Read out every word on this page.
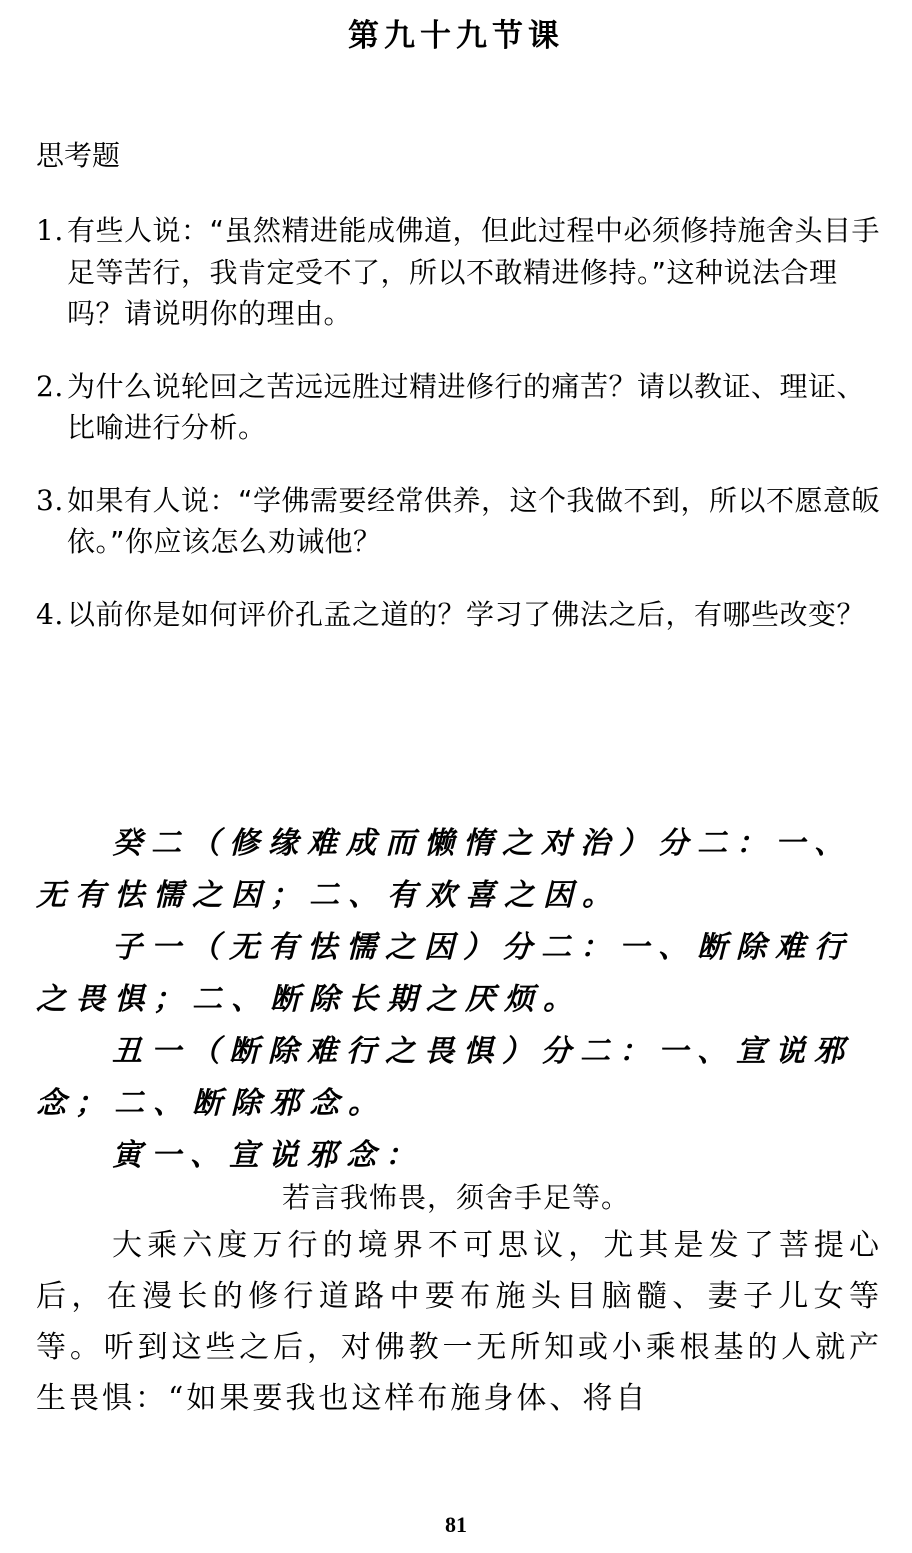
第九十九节课
思考题
1. 有些人说：“虽然精进能成佛道，但此过程中必须修持施舍头目手足等苦行，我肯定受不了，所以不敢精进修持。”这种说法合理吗？请说明你的理由。
2. 为什么说轮回之苦远远胜过精进修行的痛苦？请以教证、理证、比喻进行分析。
3. 如果有人说：“学佛需要经常供养，这个我做不到，所以不愿意皈依。”你应该怎么劝诫他？
4. 以前你是如何评价孔孟之道的？学习了佛法之后，有哪些改变？
癸二（修缘难成而懒惰之对治）分二：一、无有怯懦之因；二、有欢喜之因。
子一（无有怯懦之因）分二：一、断除难行之畏惧；二、断除长期之厌烦。
丑一（断除难行之畏惧）分二：一、宣说邪念；二、断除邪念。
寅一、宣说邪念：
若言我怖畏，须舍手足等。

大乘六度万行的境界不可思议，尤其是发了菩提心后，在漫长的修行道路中要布施头目脑髓、妻子儿女等等。听到这些之后，对佛教一无所知或小乘根基的人就产生畏惧：“如果要我也这样布施身体、将自

81
